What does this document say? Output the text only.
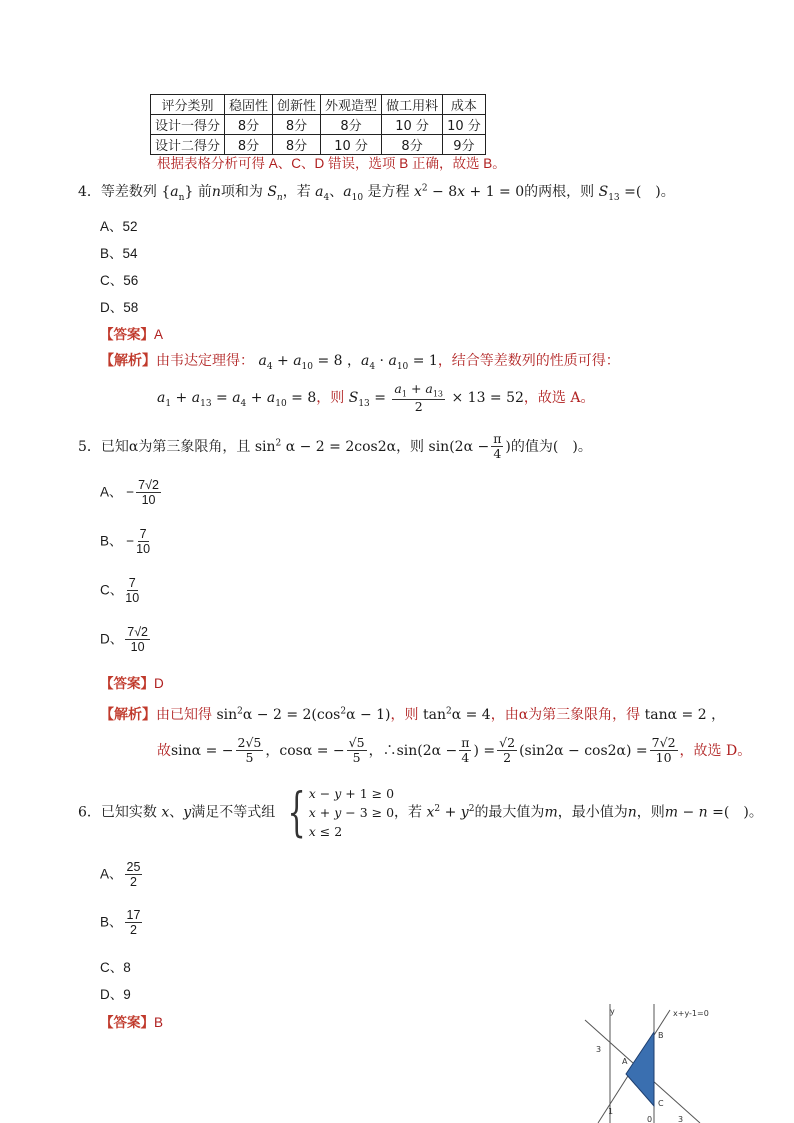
评分类别	稳固性	创新性	外观造型	做工用料	成本
设计一得分	8分	8分	8分	10 分	10 分
设计二得分	8分	8分	10 分	8分	9分
根据表格分析可得 A、C、D 错误，选项 B 正确，故选 B。
4．等差数列 $\{a_n\}$ 前n项和为 $S_n$，若 $a_4$、$a_{10}$ 是方程 $x^2 - 8x + 1 = 0$的两根，则 $S_{13}$ =(　)。
A、52
B、54
C、56
D、58
【答案】A
【解析】由韦达定理得： $a_4 + a_{10} = 8$ ，$a_4 \cdot a_{10} = 1$，结合等差数列的性质可得：
$a_1 + a_{13} = a_4 + a_{10} = 8$，则 $S_{13} = \frac{a_1 + a_{13}}{2} \times 13 = 52$，故选 A。
5．已知α为第三象限角，且 $\sin^2 \alpha - 2 = 2\cos 2\alpha$，则 $\sin(2\alpha - \frac{\pi}{4}$ )的值为(　)。
A、 − $\frac{7√2}{10}$
B、 − $\frac{7}{10}$
C、 $\frac{7}{10}$
D、 $\frac{7√2}{10}$
【答案】D
【解析】由已知得 $\sin^2\alpha - 2 = 2(\cos^2\alpha - 1)$，则 $\tan^2\alpha = 4$，由α为第三象限角，得 tanα = 2 ，
故sinα = − $\frac{2√5}{5}$ ，cosα = − $\frac{√5}{5}$ ，∴sin(2α − $\frac{\pi}{4}$ ) = $\frac{√2}{2} (\sin 2\alpha - \cos 2\alpha) = \frac{7√2}{10}$ ，故选 D。
6．已知实数 x、y满足不等式组 { x − y + 1 ≥ 0
x + y − 3 ≥ 0
x ≤ 2
，若 $x^2 + y^2$的最大值为m，最小值为n，则m − n =(　)。
A、 $\frac{25}{2}$
B、 $\frac{17}{2}$
C、8
D、9
【答案】B
y	x+y-1=0
A
B
C
3
1
3
0
